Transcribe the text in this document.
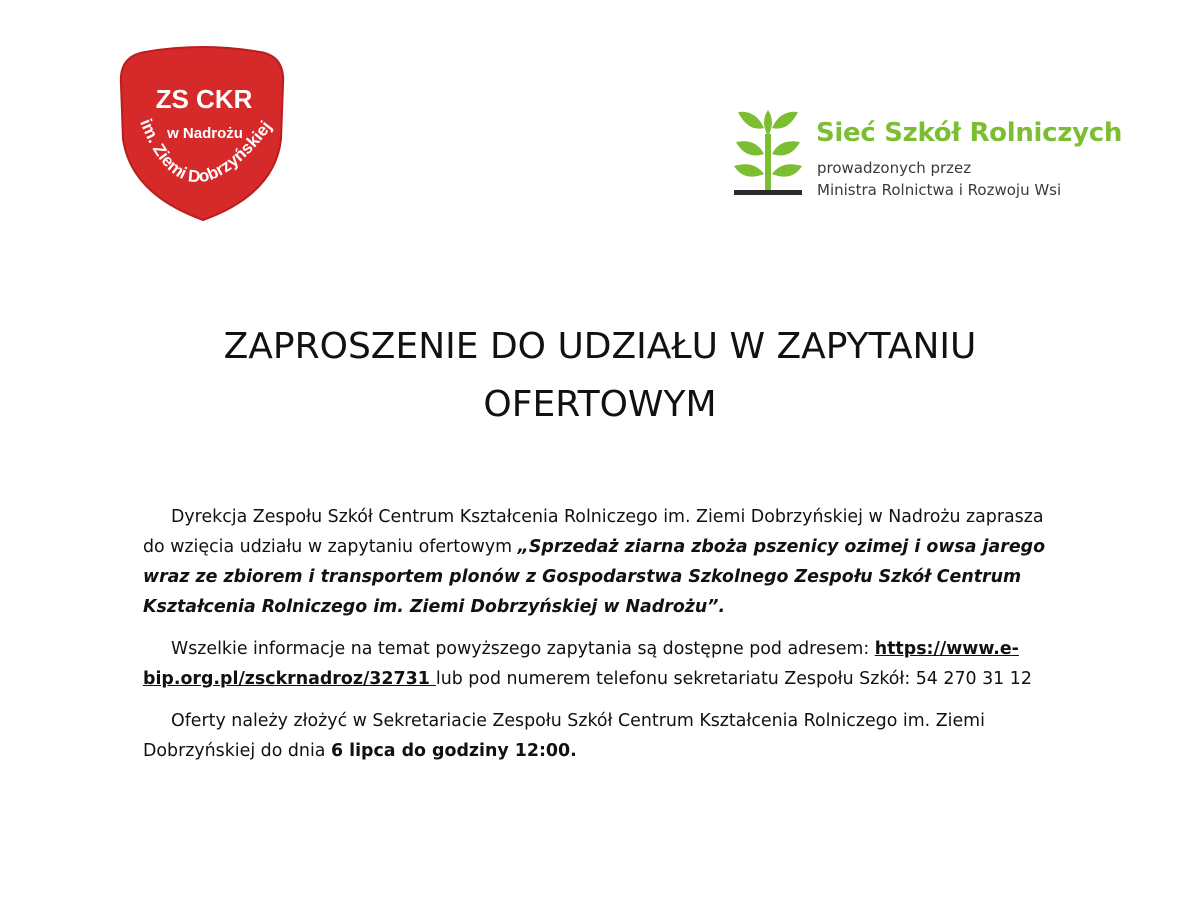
ZS CKR
w Nadrożu
im. Ziemi Dobrzyńskiej	Sieć Szkół Rolniczych
prowadzonych przez
Ministra Rolnictwa i Rozwoju Wsi
ZAPROSZENIE DO UDZIAŁU W ZAPYTANIU
OFERTOWYM

Dyrekcja Zespołu Szkół Centrum Kształcenia Rolniczego im. Ziemi Dobrzyńskiej w Nadrożu zaprasza do wzięcia udziału w zapytaniu ofertowym „Sprzedaż ziarna zboża pszenicy ozimej i owsa jarego wraz ze zbiorem i transportem plonów z Gospodarstwa Szkolnego Zespołu Szkół Centrum Kształcenia Rolniczego im. Ziemi Dobrzyńskiej w Nadrożu”.

Wszelkie informacje na temat powyższego zapytania są dostępne pod adresem: https://www.e-bip.org.pl/zsckrnadroz/32731 lub pod numerem telefonu sekretariatu Zespołu Szkół: 54 270 31 12

Oferty należy złożyć w Sekretariacie Zespołu Szkół Centrum Kształcenia Rolniczego im. Ziemi Dobrzyńskiej do dnia 6 lipca do godziny 12:00.
